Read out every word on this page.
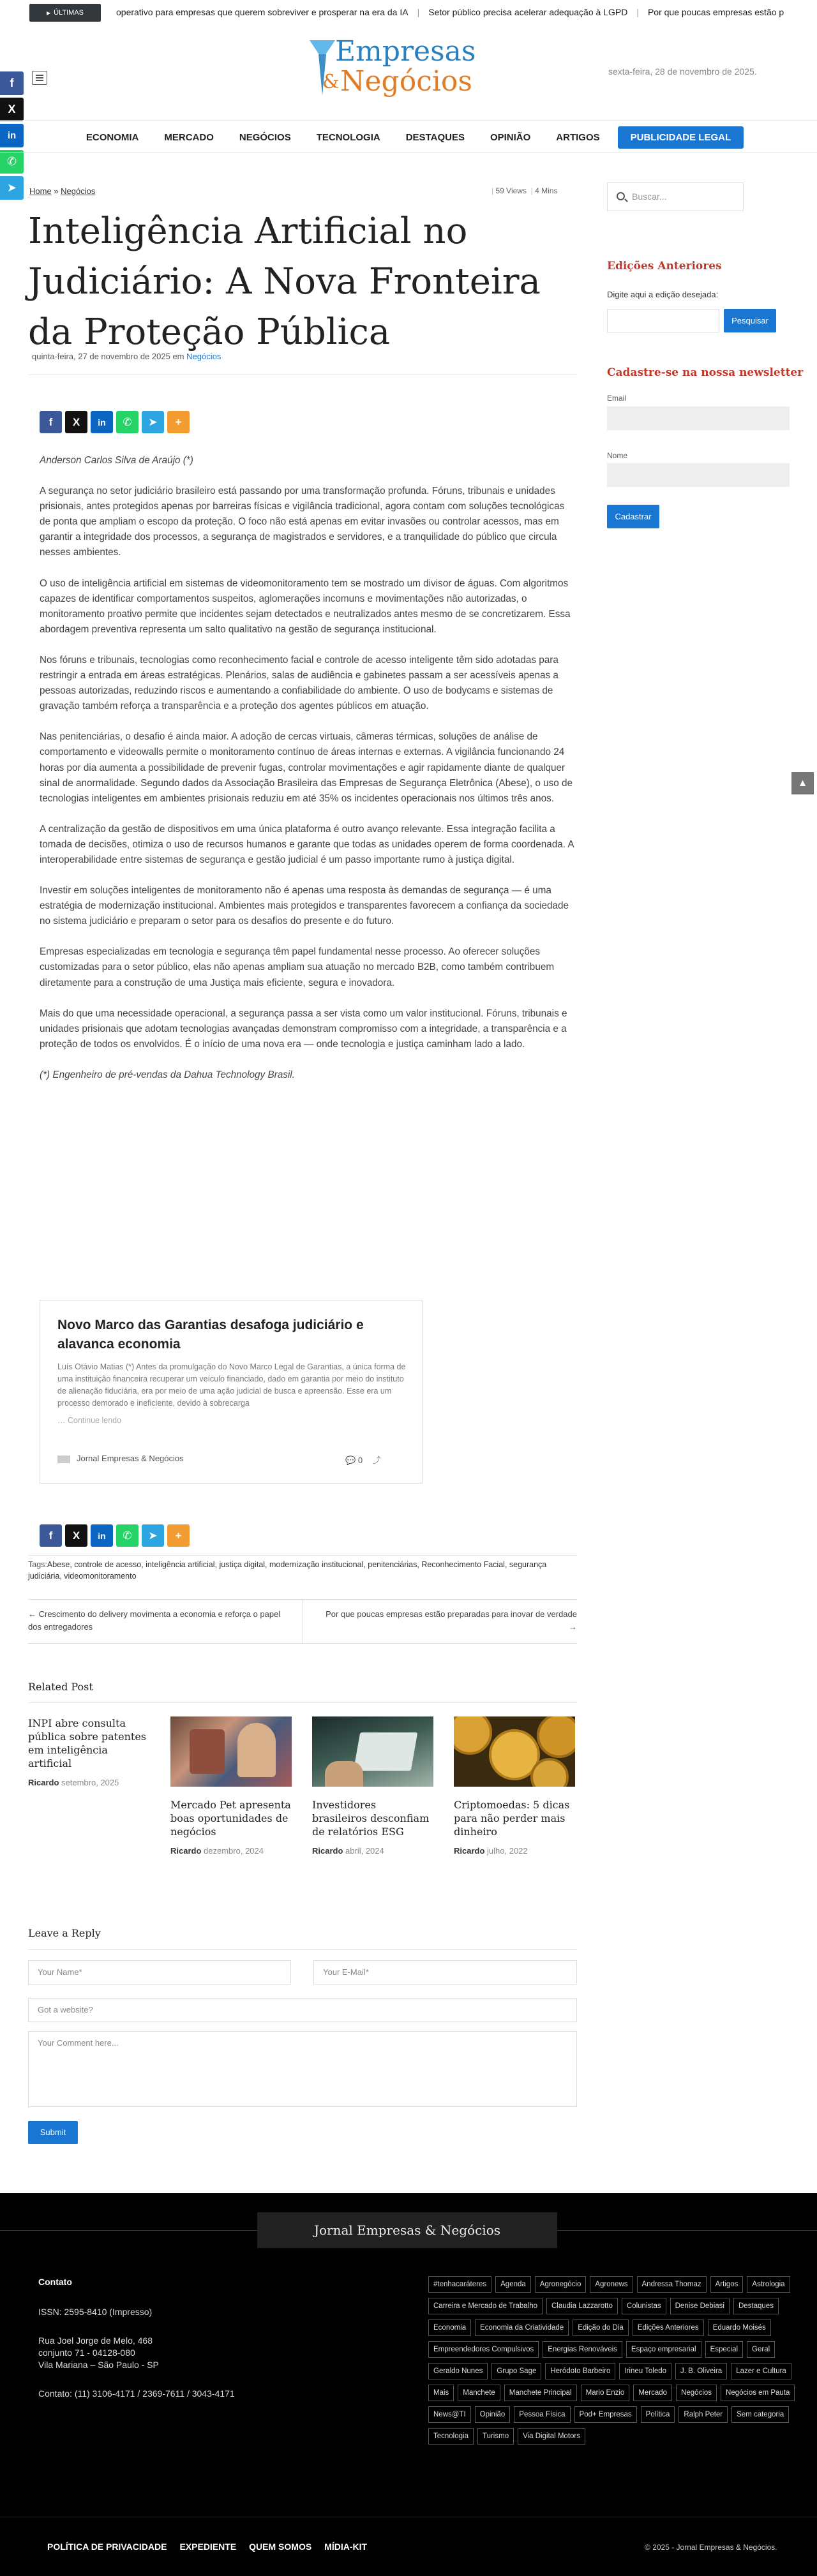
▶ ÚLTIMAS	operativo para empresas que querem sobreviver e prosperar na era da IA | Setor público precisa acelerar adequação à LGPD | Por que poucas empresas estão p
f
X
in
✆
➤
Empresas
& Negócios	sexta-feira, 28 de novembro de 2025.
ECONOMIA	MERCADO	NEGÓCIOS	TECNOLOGIA	DESTAQUES	OPINIÃO	ARTIGOS	PUBLICIDADE LEGAL
Home » Negócios	| 59 Views | 4 Mins
Inteligência Artificial no Judiciário: A Nova Fronteira da Proteção Pública
quinta-feira, 27 de novembro de 2025 em Negócios
f	X	in	✆	➤	+

Anderson Carlos Silva de Araújo (*)

A segurança no setor judiciário brasileiro está passando por uma transformação profunda. Fóruns, tribunais e unidades prisionais, antes protegidos apenas por barreiras físicas e vigilância tradicional, agora contam com soluções tecnológicas de ponta que ampliam o escopo da proteção. O foco não está apenas em evitar invasões ou controlar acessos, mas em garantir a integridade dos processos, a segurança de magistrados e servidores, e a tranquilidade do público que circula nesses ambientes.

O uso de inteligência artificial em sistemas de videomonitoramento tem se mostrado um divisor de águas. Com algoritmos capazes de identificar comportamentos suspeitos, aglomerações incomuns e movimentações não autorizadas, o monitoramento proativo permite que incidentes sejam detectados e neutralizados antes mesmo de se concretizarem. Essa abordagem preventiva representa um salto qualitativo na gestão de segurança institucional.

Nos fóruns e tribunais, tecnologias como reconhecimento facial e controle de acesso inteligente têm sido adotadas para restringir a entrada em áreas estratégicas. Plenários, salas de audiência e gabinetes passam a ser acessíveis apenas a pessoas autorizadas, reduzindo riscos e aumentando a confiabilidade do ambiente. O uso de bodycams e sistemas de gravação também reforça a transparência e a proteção dos agentes públicos em atuação.

Nas penitenciárias, o desafio é ainda maior. A adoção de cercas virtuais, câmeras térmicas, soluções de análise de comportamento e videowalls permite o monitoramento contínuo de áreas internas e externas. A vigilância funcionando 24 horas por dia aumenta a possibilidade de prevenir fugas, controlar movimentações e agir rapidamente diante de qualquer sinal de anormalidade. Segundo dados da Associação Brasileira das Empresas de Segurança Eletrônica (Abese), o uso de tecnologias inteligentes em ambientes prisionais reduziu em até 35% os incidentes operacionais nos últimos três anos.

A centralização da gestão de dispositivos em uma única plataforma é outro avanço relevante. Essa integração facilita a tomada de decisões, otimiza o uso de recursos humanos e garante que todas as unidades operem de forma coordenada. A interoperabilidade entre sistemas de segurança e gestão judicial é um passo importante rumo à justiça digital.

Investir em soluções inteligentes de monitoramento não é apenas uma resposta às demandas de segurança — é uma estratégia de modernização institucional. Ambientes mais protegidos e transparentes favorecem a confiança da sociedade no sistema judiciário e preparam o setor para os desafios do presente e do futuro.

Empresas especializadas em tecnologia e segurança têm papel fundamental nesse processo. Ao oferecer soluções customizadas para o setor público, elas não apenas ampliam sua atuação no mercado B2B, como também contribuem diretamente para a construção de uma Justiça mais eficiente, segura e inovadora.

Mais do que uma necessidade operacional, a segurança passa a ser vista como um valor institucional. Fóruns, tribunais e unidades prisionais que adotam tecnologias avançadas demonstram compromisso com a integridade, a transparência e a proteção de todos os envolvidos. É o início de uma nova era — onde tecnologia e justiça caminham lado a lado.

(*) Engenheiro de pré-vendas da Dahua Technology Brasil.

Novo Marco das Garantias desafoga judiciário e alavanca economia

Luís Otávio Matias (*) Antes da promulgação do Novo Marco Legal de Garantias, a única forma de uma instituição financeira recuperar um veículo financiado, dado em garantia por meio do instituto de alienação fiduciária, era por meio de uma ação judicial de busca e apreensão. Esse era um processo demorado e ineficiente, devido à sobrecarga

… Continue lendo
Jornal Empresas & Negócios	💬 0 ⤴
f	X	in	✆	➤	+
Tags:Abese, controle de acesso, inteligência artificial, justiça digital, modernização institucional, penitenciárias, Reconhecimento Facial, segurança judiciária, videomonitoramento
← Crescimento do delivery movimenta a economia e reforça o papel dos entregadores
Por que poucas empresas estão preparadas para inovar de verdade →
Related Post
INPI abre consulta pública sobre patentes em inteligência artificial
Ricardo setembro, 2025
Mercado Pet apresenta boas oportunidades de negócios
Ricardo dezembro, 2024
Investidores brasileiros desconfiam de relatórios ESG
Ricardo abril, 2024
Criptomoedas: 5 dicas para não perder mais dinheiro
Ricardo julho, 2022
Leave a Reply
Your Name*	Your E-Mail*
Got a website?
Your Comment here...
Submit
Buscar...
Edições Anteriores
Digite aqui a edição desejada:
Pesquisar
Cadastre-se na nossa newsletter
Email
Nome
Cadastrar
▲
Jornal Empresas & Negócios
Contato

ISSN: 2595-8410 (Impresso)

Rua Joel Jorge de Melo, 468
conjunto 71 - 04128-080
Vila Mariana – São Paulo - SP

Contato: (11) 3106-4171 / 2369-7611 / 3043-4171

#tenhacaráteres	Agenda	Agronegócio	Agronews	Andressa Thomaz	Artigos	Astrologia
Carreira e Mercado de Trabalho	Claudia Lazzarotto	Colunistas	Denise Debiasi	Destaques
Economia	Economia da Criatividade	Edição do Dia	Edições Anteriores	Eduardo Moisés
Empreendedores Compulsivos	Energias Renováveis	Espaço empresarial	Especial	Geral
Geraldo Nunes	Grupo Sage	Heródoto Barbeiro	Irineu Toledo	J. B. Oliveira	Lazer e Cultura
Mais	Manchete	Manchete Principal	Mario Enzio	Mercado	Negócios	Negócios em Pauta
News@TI	Opinião	Pessoa Física	Pod+ Empresas	Política	Ralph Peter	Sem categoria
Tecnologia	Turismo	Via Digital Motors
POLÍTICA DE PRIVACIDADE EXPEDIENTE QUEM SOMOS MÍDIA-KIT	© 2025 - Jornal Empresas & Negócios.
